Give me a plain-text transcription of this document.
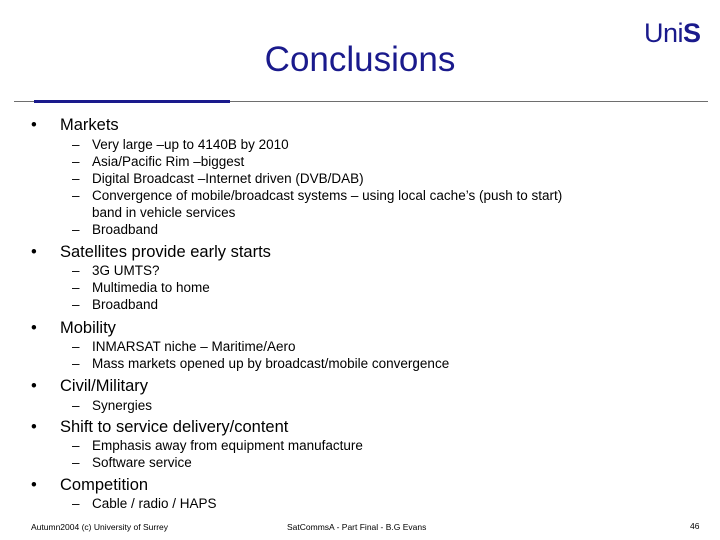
Conclusions
UniS
• Markets
– Very large –up to 4140B by 2010
– Asia/Pacific Rim –biggest
– Digital Broadcast –Internet driven (DVB/DAB)
– Convergence of mobile/broadcast systems – using local cache’s (push to start)
band in vehicle services
– Broadband
• Satellites provide early starts
– 3G UMTS?
– Multimedia to home
– Broadband
• Mobility
– INMARSAT niche – Maritime/Aero
– Mass markets opened up by broadcast/mobile convergence
• Civil/Military
– Synergies
• Shift to service delivery/content
– Emphasis away from equipment manufacture
– Software service
• Competition
– Cable / radio / HAPS
Autumn2004 (c) University of Surrey	SatCommsA - Part Final - B.G Evans	46
